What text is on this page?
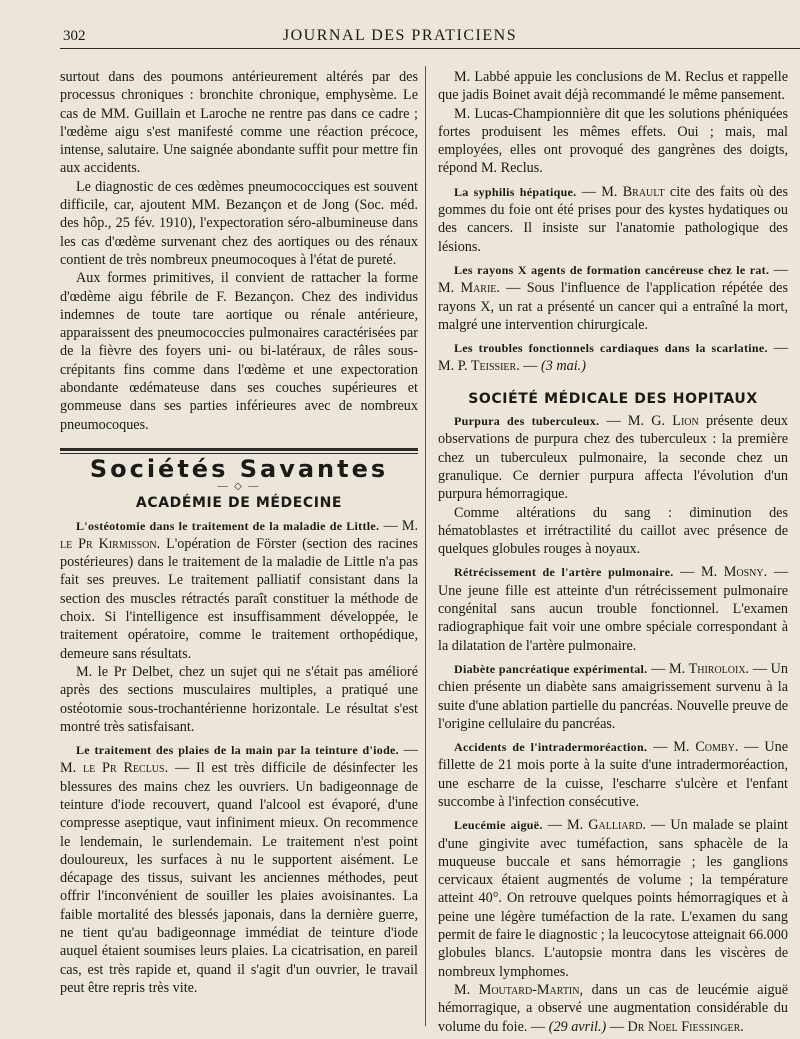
302	JOURNAL DES PRATICIENS

surtout dans des poumons antérieurement altérés par des processus chroniques : bronchite chronique, emphysème. Le cas de MM. Guillain et Laroche ne rentre pas dans ce cadre ; l'œdème aigu s'est manifesté comme une réaction précoce, intense, salutaire. Une saignée abondante suffit pour mettre fin aux accidents.

Le diagnostic de ces œdèmes pneumococciques est souvent difficile, car, ajoutent MM. Bezançon et de Jong (Soc. méd. des hôp., 25 fév. 1910), l'expectoration séro-albumineuse dans les cas d'œdème survenant chez des aortiques ou des rénaux contient de très nombreux pneumocoques à l'état de pureté.

Aux formes primitives, il convient de rattacher la forme d'œdème aigu fébrile de F. Bezançon. Chez des individus indemnes de toute tare aortique ou rénale antérieure, apparaissent des pneumococcies pulmonaires caractérisées par de la fièvre des foyers uni- ou bi-latéraux, de râles sous-crépitants fins comme dans l'œdème et une expectoration abondante œdémateuse dans ses couches supérieures et gommeuse dans ses parties inférieures avec de nombreux pneumocoques.

Sociétés Savantes
— ◇ —
ACADÉMIE DE MÉDECINE

L'ostéotomie dans le traitement de la maladie de Little. — M. le Pr Kirmisson. L'opération de Förster (section des racines postérieures) dans le traitement de la maladie de Little n'a pas fait ses preuves. Le traitement palliatif consistant dans la section des muscles rétractés paraît constituer la méthode de choix. Si l'intelligence est insuffisamment développée, le traitement opératoire, comme le traitement orthopédique, demeure sans résultats.

M. le Pr Delbet, chez un sujet qui ne s'était pas amélioré après des sections musculaires multiples, a pratiqué une ostéotomie sous-trochantérienne horizontale. Le résultat s'est montré très satisfaisant.

Le traitement des plaies de la main par la teinture d'iode. — M. le Pr Reclus. — Il est très difficile de désinfecter les blessures des mains chez les ouvriers. Un badigeonnage de teinture d'iode recouvert, quand l'alcool est évaporé, d'une compresse aseptique, vaut infiniment mieux. On recommence le lendemain, le surlendemain. Le traitement n'est point douloureux, les surfaces à nu le supportent aisément. Le décapage des tissus, suivant les anciennes méthodes, peut offrir l'inconvénient de souiller les plaies avoisinantes. La faible mortalité des blessés japonais, dans la dernière guerre, ne tient qu'au badigeonnage immédiat de teinture d'iode auquel étaient soumises leurs plaies. La cicatrisation, en pareil cas, est très rapide et, quand il s'agit d'un ouvrier, le travail peut être repris très vite.

M. Labbé appuie les conclusions de M. Reclus et rappelle que jadis Boinet avait déjà recommandé le même pansement.

M. Lucas-Championnière dit que les solutions phéniquées fortes produisent les mêmes effets. Oui ; mais, mal employées, elles ont provoqué des gangrènes des doigts, répond M. Reclus.

La syphilis hépatique. — M. Brault cite des faits où des gommes du foie ont été prises pour des kystes hydatiques ou des cancers. Il insiste sur l'anatomie pathologique des lésions.

Les rayons X agents de formation cancéreuse chez le rat. — M. Marie. — Sous l'influence de l'application répétée des rayons X, un rat a présenté un cancer qui a entraîné la mort, malgré une intervention chirurgicale.

Les troubles fonctionnels cardiaques dans la scarlatine. — M. P. Teissier. — (3 mai.)

SOCIÉTÉ MÉDICALE DES HOPITAUX

Purpura des tuberculeux. — M. G. Lion présente deux observations de purpura chez des tuberculeux : la première chez un tuberculeux pulmonaire, la seconde chez un granulique. Ce dernier purpura affecta l'évolution d'un purpura hémorragique.

Comme altérations du sang : diminution des hématoblastes et irrétractilité du caillot avec présence de quelques globules rouges à noyaux.

Rétrécissement de l'artère pulmonaire. — M. Mosny. — Une jeune fille est atteinte d'un rétrécissement pulmonaire congénital sans aucun trouble fonctionnel. L'examen radiographique fait voir une ombre spéciale correspondant à la dilatation de l'artère pulmonaire.

Diabète pancréatique expérimental. — M. Thiroloix. — Un chien présente un diabète sans amaigrissement survenu à la suite d'une ablation partielle du pancréas. Nouvelle preuve de l'origine cellulaire du pancréas.

Accidents de l'intradermoréaction. — M. Comby. — Une fillette de 21 mois porte à la suite d'une intradermoréaction, une escharre de la cuisse, l'escharre s'ulcère et l'enfant succombe à l'infection consécutive.

Leucémie aiguë. — M. Galliard. — Un malade se plaint d'une gingivite avec tuméfaction, sans sphacèle de la muqueuse buccale et sans hémorragie ; les ganglions cervicaux étaient augmentés de volume ; la température atteint 40°. On retrouve quelques points hémorragiques et à peine une légère tuméfaction de la rate. L'examen du sang permit de faire le diagnostic ; la leucocytose atteignait 66.000 globules blancs. L'autopsie montra dans les viscères de nombreux lymphomes.

M. Moutard-Martin, dans un cas de leucémie aiguë hémorragique, a observé une augmentation considérable du volume du foie. — (29 avril.) — Dr Noel Fiessinger.
